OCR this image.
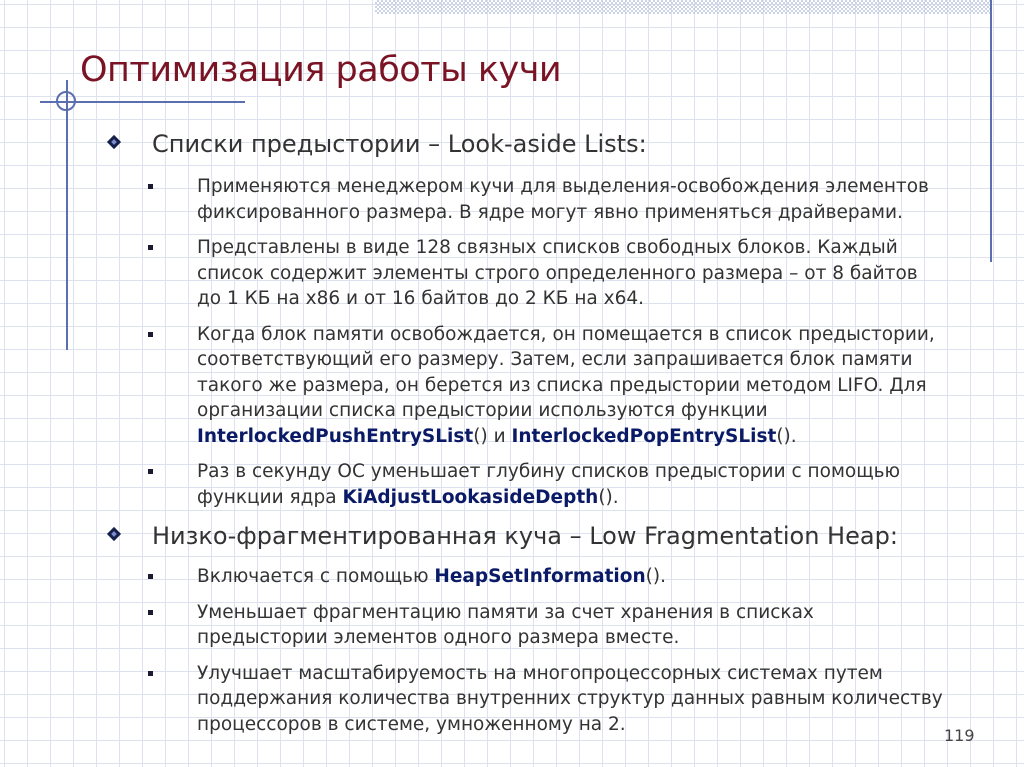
Оптимизация работы кучи
Списки предыстории – Look-aside Lists:
Применяются менеджером кучи для выделения-освобождения элементов
фиксированного размера. В ядре могут явно применяться драйверами.
Представлены в виде 128 связных списков свободных блоков. Каждый
список содержит элементы строго определенного размера – от 8 байтов
до 1 КБ на x86 и от 16 байтов до 2 КБ на x64.
Когда блок памяти освобождается, он помещается в список предыстории,
соответствующий его размеру. Затем, если запрашивается блок памяти
такого же размера, он берется из списка предыстории методом LIFO. Для
организации списка предыстории используются функции
InterlockedPushEntrySList() и InterlockedPopEntrySList().
Раз в секунду ОС уменьшает глубину списков предыстории с помощью
функции ядра KiAdjustLookasideDepth().
Низко-фрагментированная куча – Low Fragmentation Heap:
Включается с помощью HeapSetInformation().
Уменьшает фрагментацию памяти за счет хранения в списках
предыстории элементов одного размера вместе.
Улучшает масштабируемость на многопроцессорных системах путем
поддержания количества внутренних структур данных равным количеству
процессоров в системе, умноженному на 2.
119
